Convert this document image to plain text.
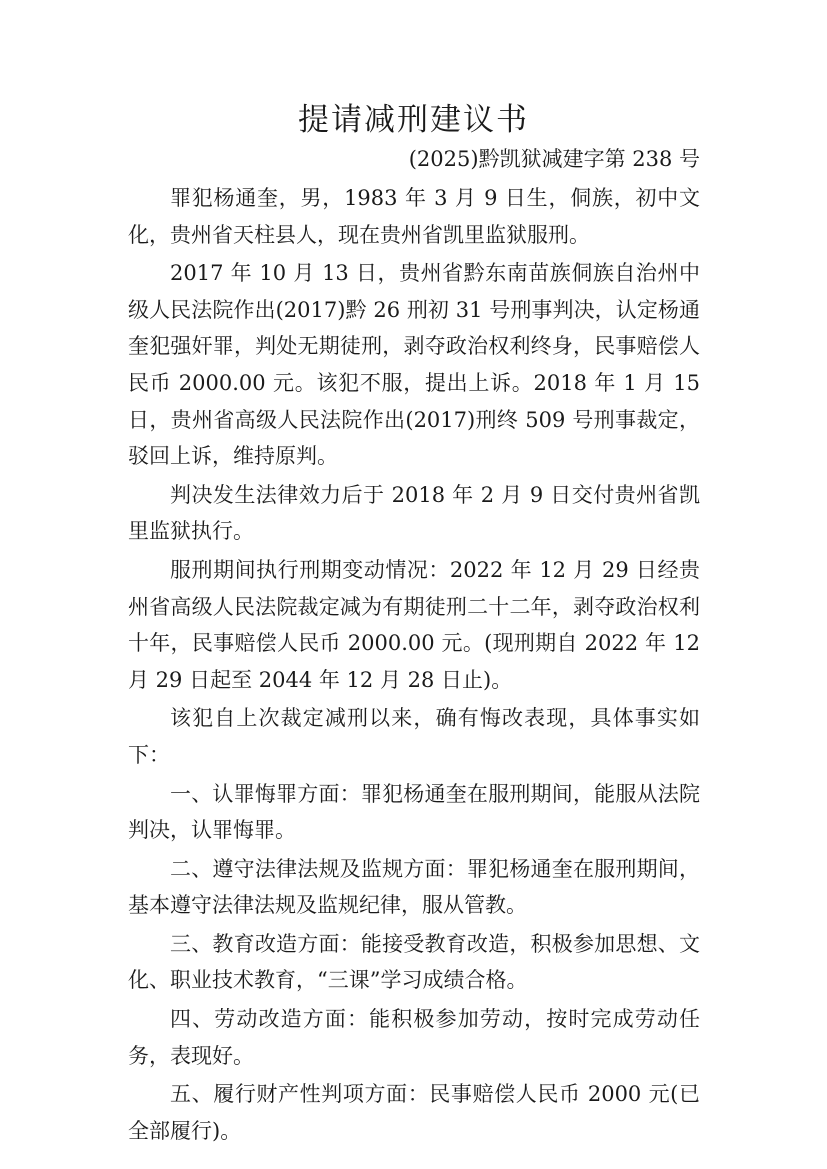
提请减刑建议书
(2025)黔凯狱减建字第 238 号

罪犯杨通奎，男，1983 年 3 月 9 日生，侗族，初中文化，贵州省天柱县人，现在贵州省凯里监狱服刑。

2017 年 10 月 13 日，贵州省黔东南苗族侗族自治州中级人民法院作出(2017)黔 26 刑初 31 号刑事判决，认定杨通奎犯强奸罪，判处无期徒刑，剥夺政治权利终身，民事赔偿人民币 2000.00 元。该犯不服，提出上诉。2018 年 1 月 15 日，贵州省高级人民法院作出(2017)刑终 509 号刑事裁定，驳回上诉，维持原判。

判决发生法律效力后于 2018 年 2 月 9 日交付贵州省凯里监狱执行。

服刑期间执行刑期变动情况：2022 年 12 月 29 日经贵州省高级人民法院裁定减为有期徒刑二十二年，剥夺政治权利十年，民事赔偿人民币 2000.00 元。(现刑期自 2022 年 12 月 29 日起至 2044 年 12 月 28 日止)。

该犯自上次裁定减刑以来，确有悔改表现，具体事实如下：

一、认罪悔罪方面：罪犯杨通奎在服刑期间，能服从法院判决，认罪悔罪。

二、遵守法律法规及监规方面：罪犯杨通奎在服刑期间，基本遵守法律法规及监规纪律，服从管教。

三、教育改造方面：能接受教育改造，积极参加思想、文化、职业技术教育，“三课”学习成绩合格。

四、劳动改造方面：能积极参加劳动，按时完成劳动任务，表现好。

五、履行财产性判项方面：民事赔偿人民币 2000 元(已全部履行)。
